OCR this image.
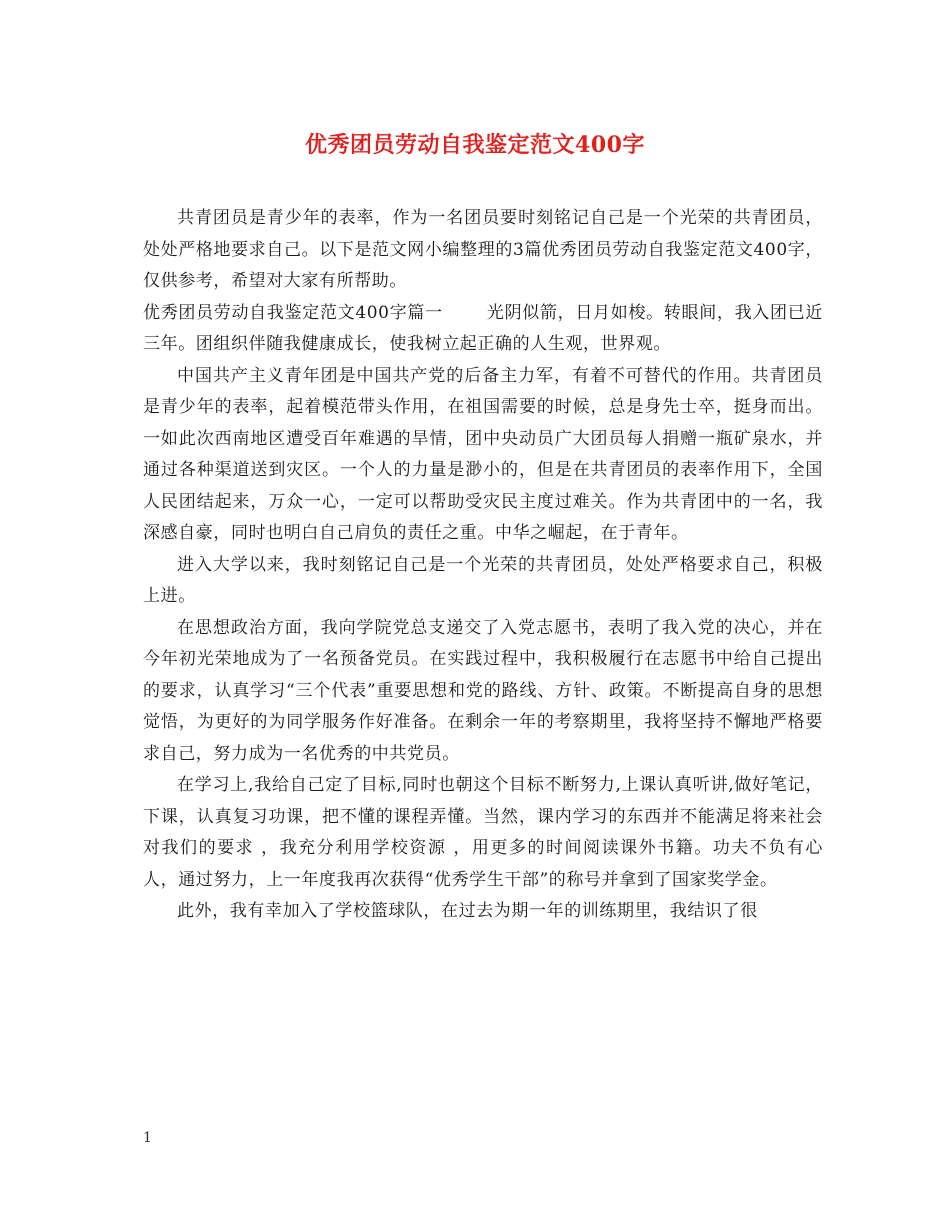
优秀团员劳动自我鉴定范文400字

共青团员是青少年的表率，作为一名团员要时刻铭记自己是一个光荣的共青团员，处处严格地要求自己。以下是范文网小编整理的3篇优秀团员劳动自我鉴定范文400字，仅供参考，希望对大家有所帮助。

优秀团员劳动自我鉴定范文400字篇一	光阴似箭，日月如梭。转眼间，我入团已近三年。团组织伴随我健康成长，使我树立起正确的人生观，世界观。

中国共产主义青年团是中国共产党的后备主力军，有着不可替代的作用。共青团员是青少年的表率，起着模范带头作用，在祖国需要的时候，总是身先士卒，挺身而出。一如此次西南地区遭受百年难遇的旱情，团中央动员广大团员每人捐赠一瓶矿泉水，并通过各种渠道送到灾区。一个人的力量是渺小的，但是在共青团员的表率作用下，全国人民团结起来，万众一心，一定可以帮助受灾民主度过难关。作为共青团中的一名，我深感自豪，同时也明白自己肩负的责任之重。中华之崛起，在于青年。

进入大学以来，我时刻铭记自己是一个光荣的共青团员，处处严格要求自己，积极上进。

在思想政治方面，我向学院党总支递交了入党志愿书，表明了我入党的决心，并在今年初光荣地成为了一名预备党员。在实践过程中，我积极履行在志愿书中给自己提出的要求，认真学习“三个代表”重要思想和党的路线、方针、政策。不断提高自身的思想觉悟，为更好的为同学服务作好准备。在剩余一年的考察期里，我将坚持不懈地严格要求自己，努力成为一名优秀的中共党员。

在学习上,我给自己定了目标,同时也朝这个目标不断努力,上课认真听讲,做好笔记，下课，认真复习功课，把不懂的课程弄懂。当然，课内学习的东西并不能满足将来社会对我们的要求 ，我充分利用学校资源 ，用更多的时间阅读课外书籍。功夫不负有心人，通过努力，上一年度我再次获得“优秀学生干部”的称号并拿到了国家奖学金。

此外，我有幸加入了学校篮球队，在过去为期一年的训练期里，我结识了很

1
